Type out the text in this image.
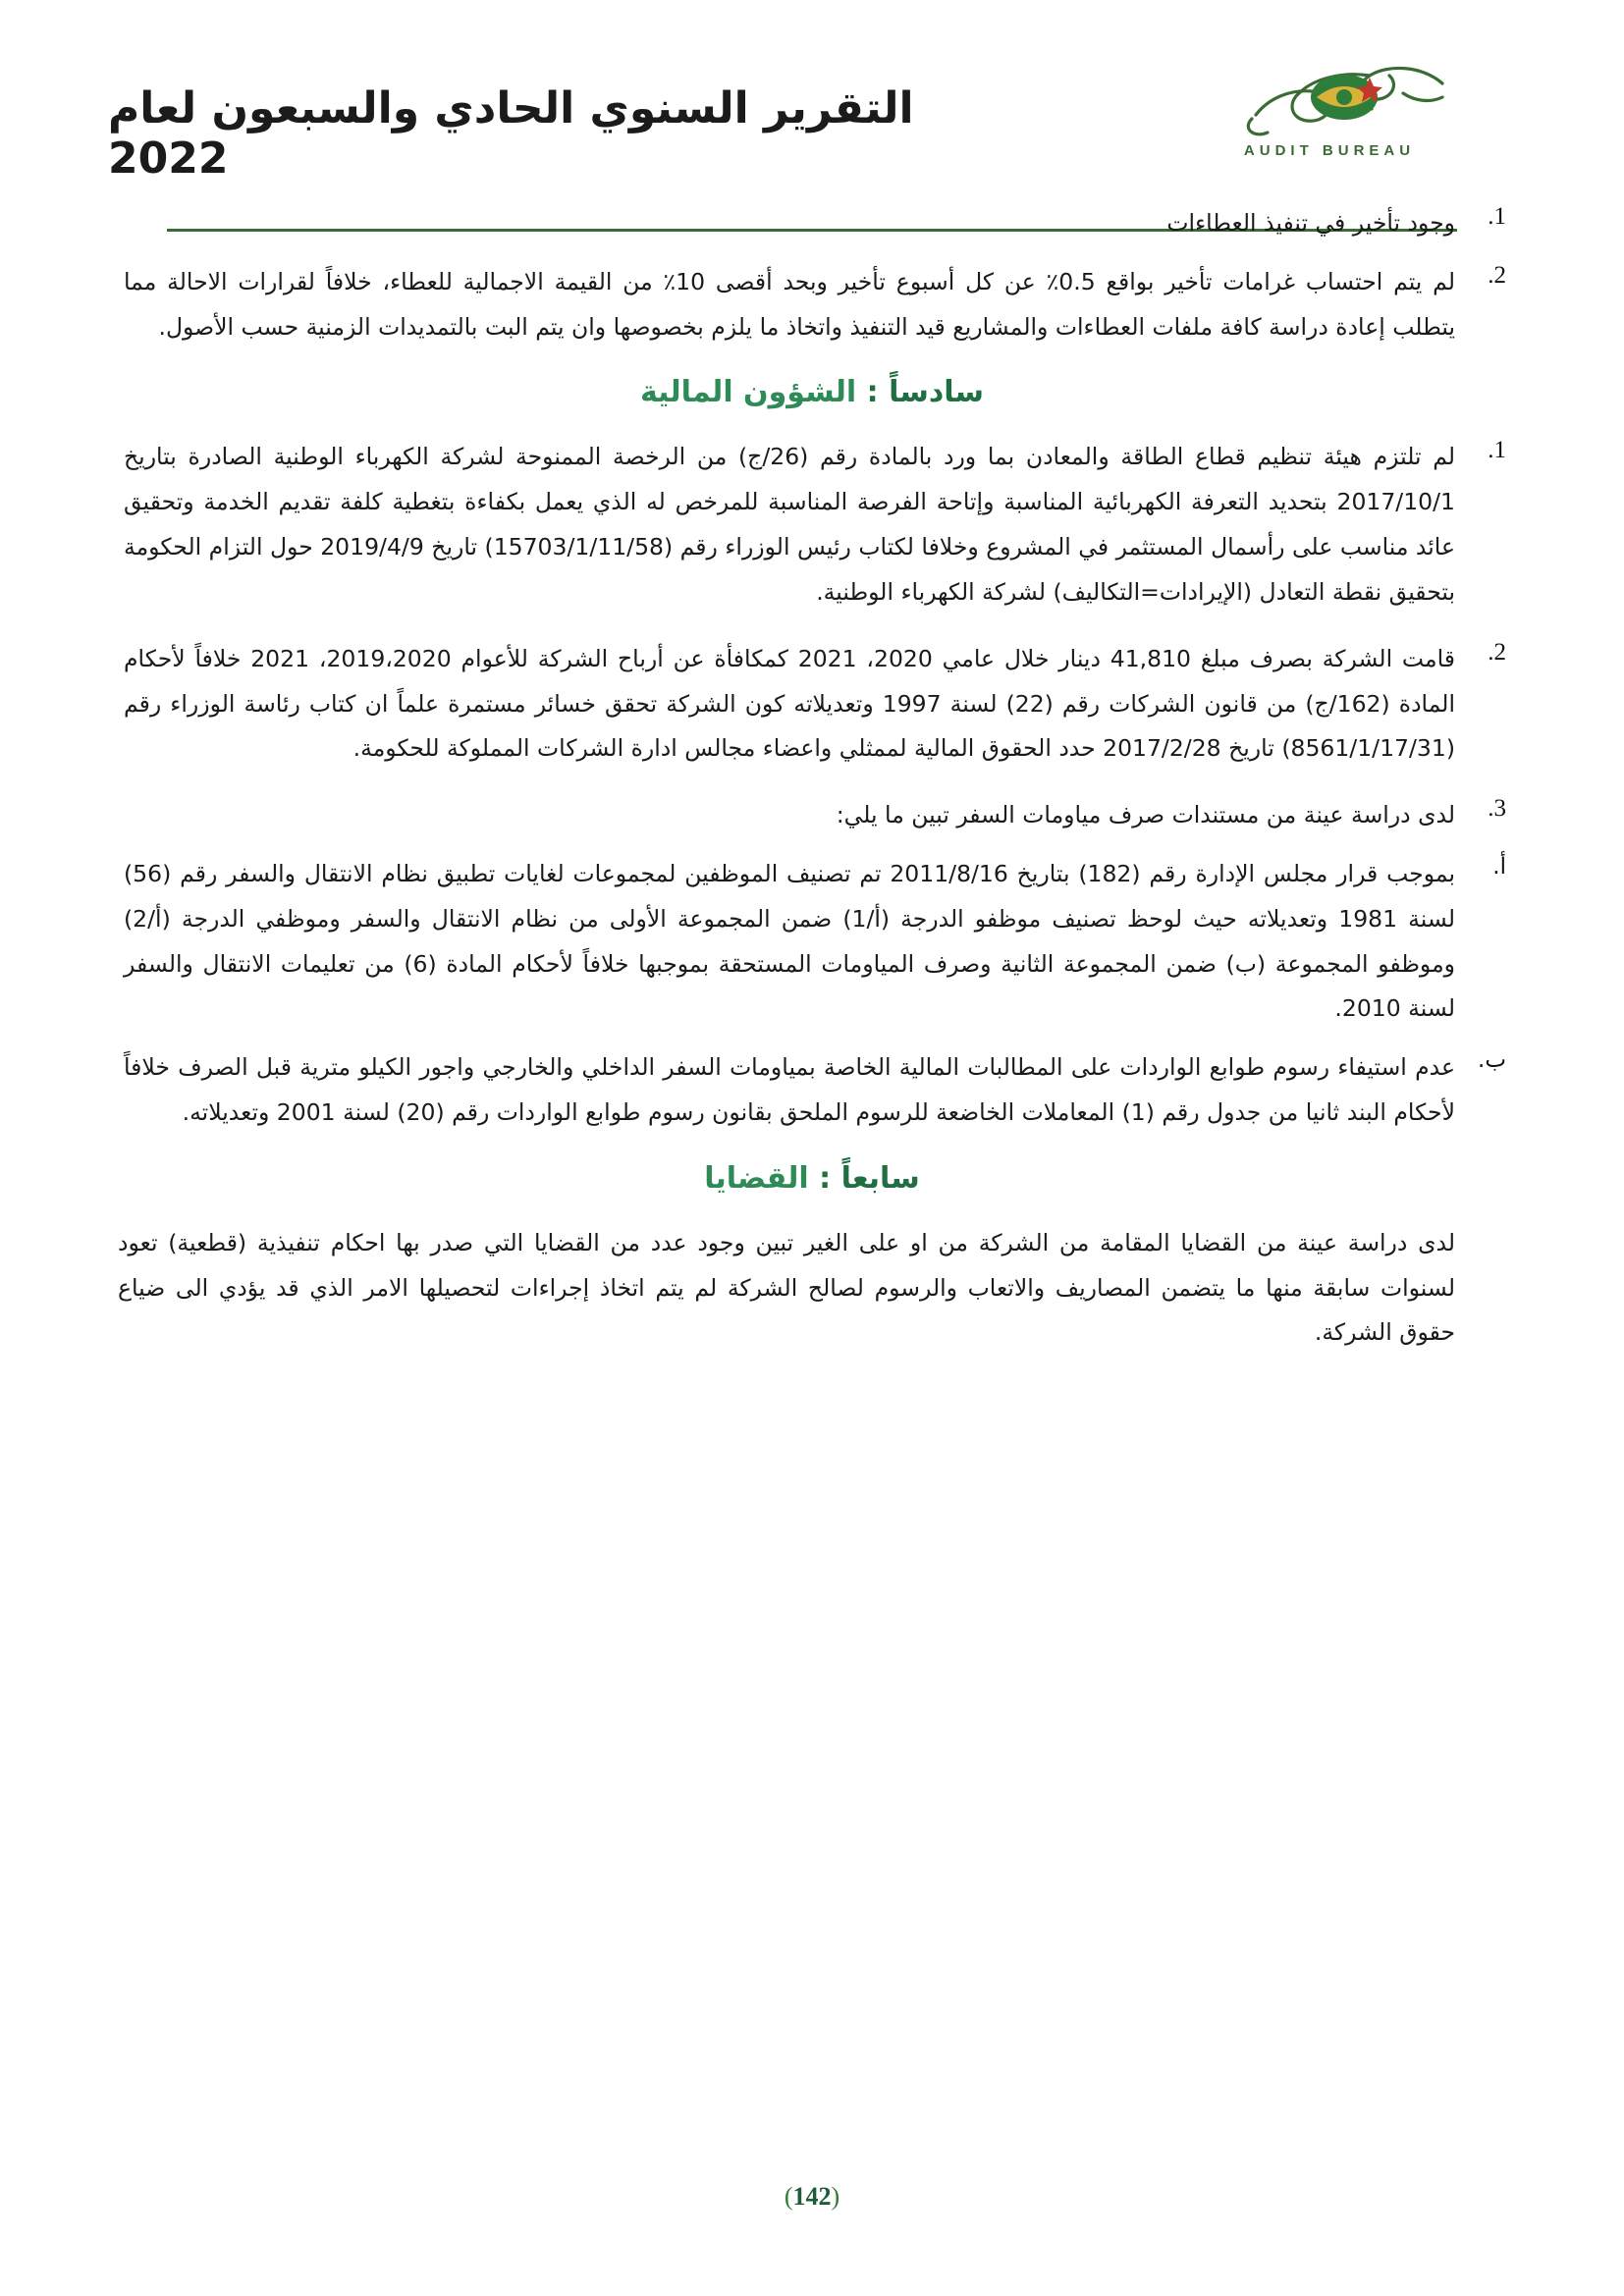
AUDIT BUREAU
التقرير السنوي الحادي والسبعون لعام 2022
1.
وجود تأخير في تنفيذ العطاءات
2.
لم يتم احتساب غرامات تأخير بواقع 0.5٪ عن كل أسبوع تأخير وبحد أقصى 10٪ من القيمة الاجمالية للعطاء، خلافاً لقرارات الاحالة مما يتطلب إعادة دراسة كافة ملفات العطاءات والمشاريع قيد التنفيذ واتخاذ ما يلزم بخصوصها وان يتم البت بالتمديدات الزمنية حسب الأصول.
سادساً : الشؤون المالية
1.
لم تلتزم هيئة تنظيم قطاع الطاقة والمعادن بما ورد بالمادة رقم (26/ج) من الرخصة الممنوحة لشركة الكهرباء الوطنية الصادرة بتاريخ 2017/10/1 بتحديد التعرفة الكهربائية المناسبة وإتاحة الفرصة المناسبة للمرخص له الذي يعمل بكفاءة بتغطية كلفة تقديم الخدمة وتحقيق عائد مناسب على رأسمال المستثمر في المشروع وخلافا لكتاب رئيس الوزراء رقم (15703/1/11/58) تاريخ 2019/4/9 حول التزام الحكومة بتحقيق نقطة التعادل (الإيرادات=التكاليف) لشركة الكهرباء الوطنية.
2.
قامت الشركة بصرف مبلغ 41,810 دينار خلال عامي 2020، 2021 كمكافأة عن أرباح الشركة للأعوام 2019،2020، 2021 خلافاً لأحكام المادة (162/ج) من قانون الشركات رقم (22) لسنة 1997 وتعديلاته كون الشركة تحقق خسائر مستمرة علماً ان كتاب رئاسة الوزراء رقم (8561/1/17/31) تاريخ 2017/2/28 حدد الحقوق المالية لممثلي واعضاء مجالس ادارة الشركات المملوكة للحكومة.
3.
لدى دراسة عينة من مستندات صرف مياومات السفر تبين ما يلي:
أ.
بموجب قرار مجلس الإدارة رقم (182) بتاريخ 2011/8/16 تم تصنيف الموظفين لمجموعات لغايات تطبيق نظام الانتقال والسفر رقم (56) لسنة 1981 وتعديلاته حيث لوحظ تصنيف موظفو الدرجة (أ/1) ضمن المجموعة الأولى من نظام الانتقال والسفر وموظفي الدرجة (أ/2) وموظفو المجموعة (ب) ضمن المجموعة الثانية وصرف المياومات المستحقة بموجبها خلافاً لأحكام المادة (6) من تعليمات الانتقال والسفر لسنة 2010.
ب.
عدم استيفاء رسوم طوابع الواردات على المطالبات المالية الخاصة بمياومات السفر الداخلي والخارجي واجور الكيلو مترية قبل الصرف خلافاً لأحكام البند ثانيا من جدول رقم (1) المعاملات الخاضعة للرسوم الملحق بقانون رسوم طوابع الواردات رقم (20) لسنة 2001 وتعديلاته.
سابعاً : القضايا

لدى دراسة عينة من القضايا المقامة من الشركة من او على الغير تبين وجود عدد من القضايا التي صدر بها احكام تنفيذية (قطعية) تعود لسنوات سابقة منها ما يتضمن المصاريف والاتعاب والرسوم لصالح الشركة لم يتم اتخاذ إجراءات لتحصيلها الامر الذي قد يؤدي الى ضياع حقوق الشركة.

(142)
